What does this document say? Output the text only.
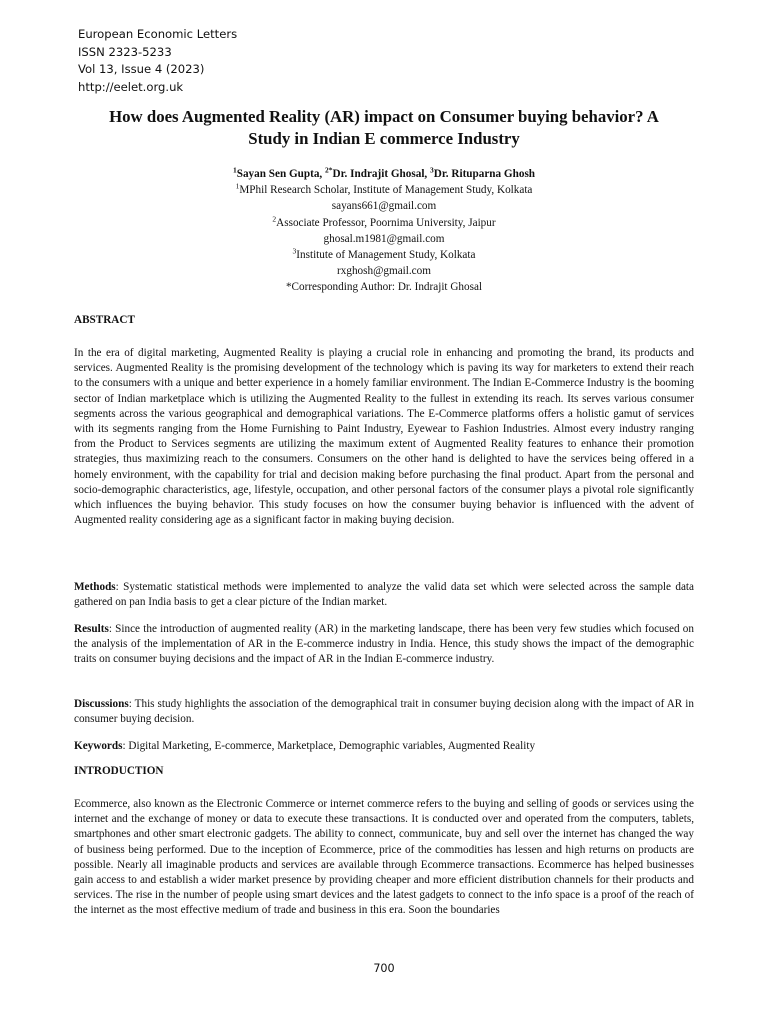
European Economic Letters
ISSN 2323-5233
Vol 13, Issue 4 (2023)
http://eelet.org.uk
How does Augmented Reality (AR) impact on Consumer buying behavior? A
Study in Indian E commerce Industry
$^1$Sayan Sen Gupta, $^{2*}$Dr. Indrajit Ghosal, $^3$Dr. Rituparna Ghosh
$^1$MPhil Research Scholar, Institute of Management Study, Kolkata
sayans661@gmail.com
$^2$Associate Professor, Poornima University, Jaipur
ghosal.m1981@gmail.com
$^3$Institute of Management Study, Kolkata
rxghosh@gmail.com
*Corresponding Author: Dr. Indrajit Ghosal
ABSTRACT

In the era of digital marketing, Augmented Reality is playing a crucial role in enhancing and promoting the brand, its products and services. Augmented Reality is the promising development of the technology which is paving its way for marketers to extend their reach to the consumers with a unique and better experience in a homely familiar environment. The Indian E-Commerce Industry is the booming sector of Indian marketplace which is utilizing the Augmented Reality to the fullest in extending its reach. Its serves various consumer segments across the various geographical and demographical variations. The E-Commerce platforms offers a holistic gamut of services with its segments ranging from the Home Furnishing to Paint Industry, Eyewear to Fashion Industries. Almost every industry ranging from the Product to Services segments are utilizing the maximum extent of Augmented Reality features to enhance their promotion strategies, thus maximizing reach to the consumers. Consumers on the other hand is delighted to have the services being offered in a homely environment, with the capability for trial and decision making before purchasing the final product. Apart from the personal and socio-demographic characteristics, age, lifestyle, occupation, and other personal factors of the consumer plays a pivotal role significantly which influences the buying behavior. This study focuses on how the consumer buying behavior is influenced with the advent of Augmented reality considering age as a significant factor in making buying decision.

Methods: Systematic statistical methods were implemented to analyze the valid data set which were selected across the sample data gathered on pan India basis to get a clear picture of the Indian market.

Results: Since the introduction of augmented reality (AR) in the marketing landscape, there has been very few studies which focused on the analysis of the implementation of AR in the E-commerce industry in India. Hence, this study shows the impact of the demographic traits on consumer buying decisions and the impact of AR in the Indian E-commerce industry.

Discussions: This study highlights the association of the demographical trait in consumer buying decision along with the impact of AR in consumer buying decision.

Keywords: Digital Marketing, E-commerce, Marketplace, Demographic variables, Augmented Reality

INTRODUCTION

Ecommerce, also known as the Electronic Commerce or internet commerce refers to the buying and selling of goods or services using the internet and the exchange of money or data to execute these transactions. It is conducted over and operated from the computers, tablets, smartphones and other smart electronic gadgets. The ability to connect, communicate, buy and sell over the internet has changed the way of business being performed. Due to the inception of Ecommerce, price of the commodities has lessen and high returns on products are possible. Nearly all imaginable products and services are available through Ecommerce transactions. Ecommerce has helped businesses gain access to and establish a wider market presence by providing cheaper and more efficient distribution channels for their products and services. The rise in the number of people using smart devices and the latest gadgets to connect to the info space is a proof of the reach of the internet as the most effective medium of trade and business in this era. Soon the boundaries

700
